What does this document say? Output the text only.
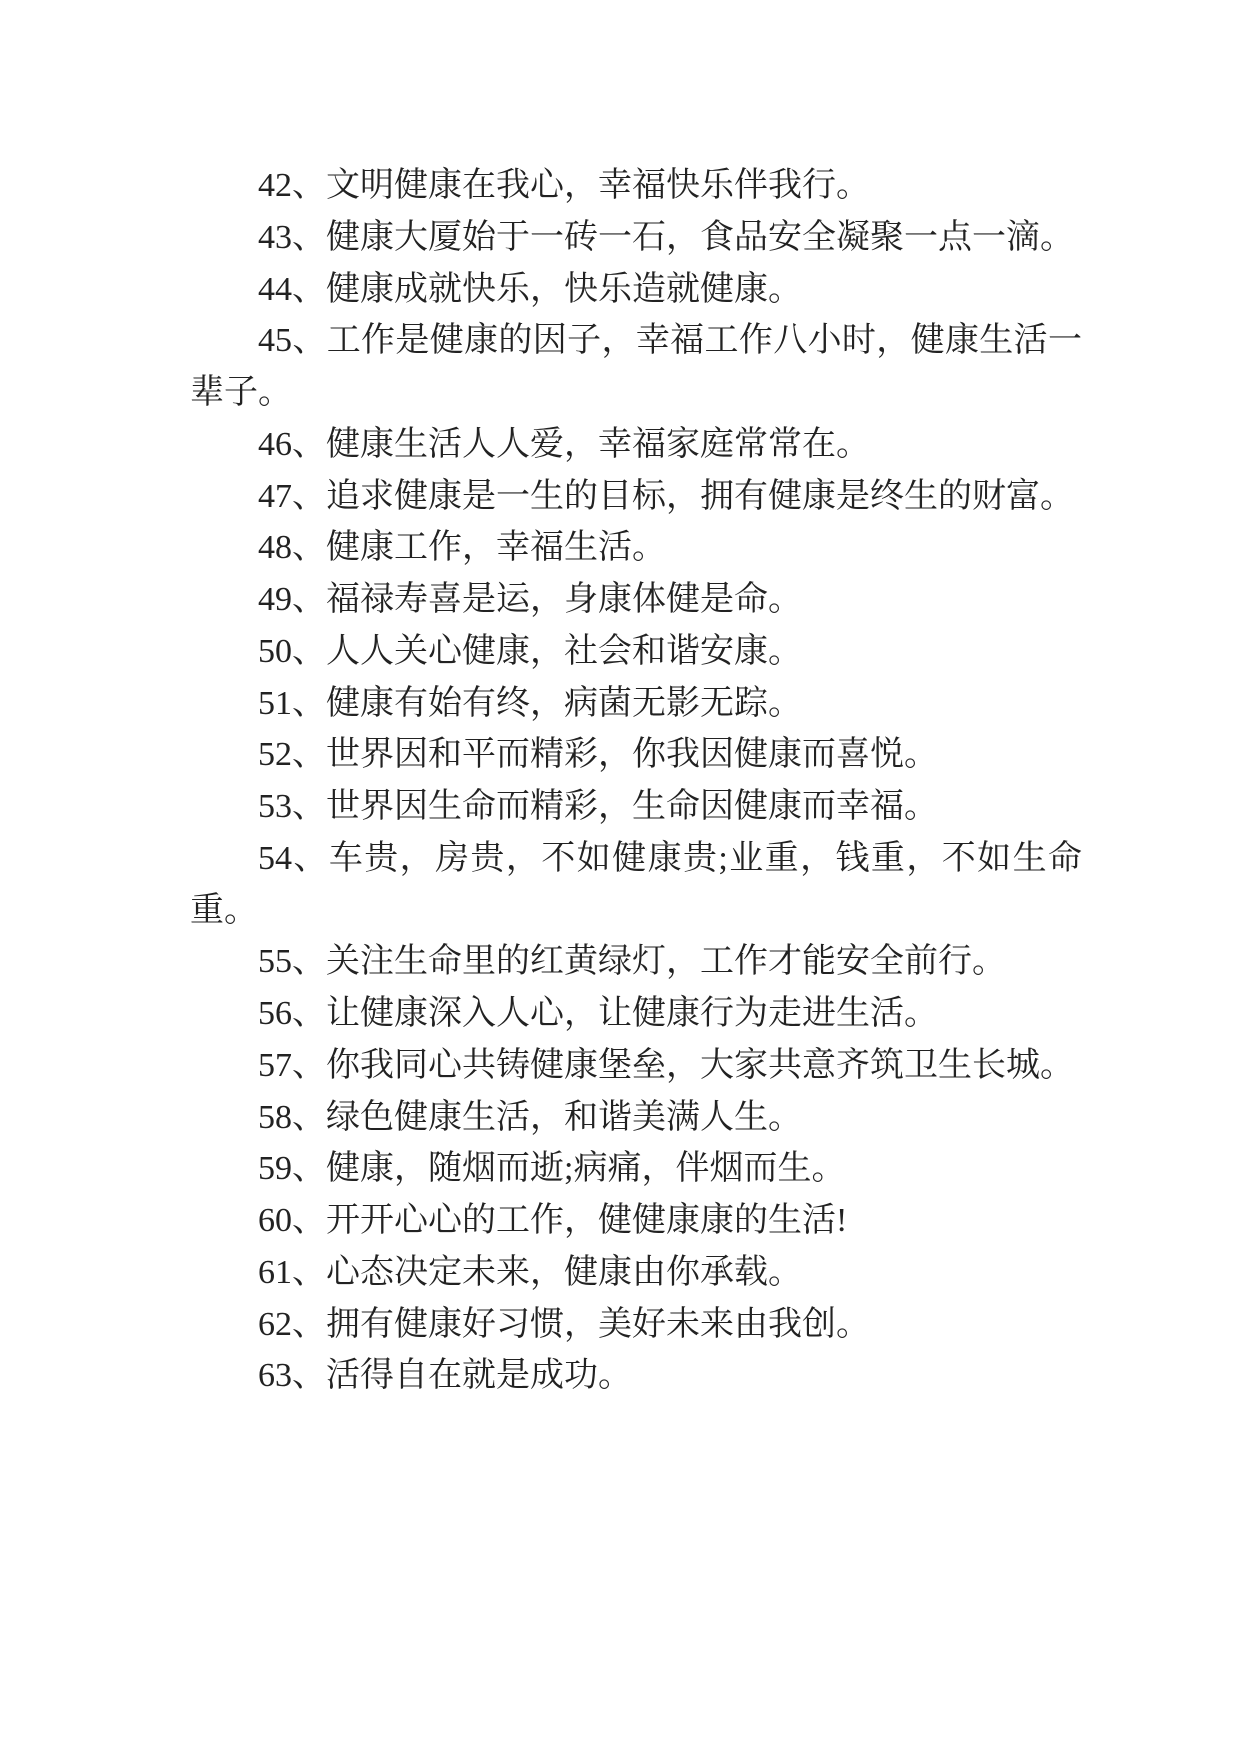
42、文明健康在我心，幸福快乐伴我行。

43、健康大厦始于一砖一石，食品安全凝聚一点一滴。

44、健康成就快乐，快乐造就健康。

45、工作是健康的因子，幸福工作八小时，健康生活一辈子。

46、健康生活人人爱，幸福家庭常常在。

47、追求健康是一生的目标，拥有健康是终生的财富。

48、健康工作，幸福生活。

49、福禄寿喜是运，身康体健是命。

50、人人关心健康，社会和谐安康。

51、健康有始有终，病菌无影无踪。

52、世界因和平而精彩，你我因健康而喜悦。

53、世界因生命而精彩，生命因健康而幸福。

54、车贵，房贵，不如健康贵;业重，钱重，不如生命重。

55、关注生命里的红黄绿灯，工作才能安全前行。

56、让健康深入人心，让健康行为走进生活。

57、你我同心共铸健康堡垒，大家共意齐筑卫生长城。

58、绿色健康生活，和谐美满人生。

59、健康，随烟而逝;病痛，伴烟而生。

60、开开心心的工作，健健康康的生活!

61、心态决定未来，健康由你承载。

62、拥有健康好习惯，美好未来由我创。

63、活得自在就是成功。
